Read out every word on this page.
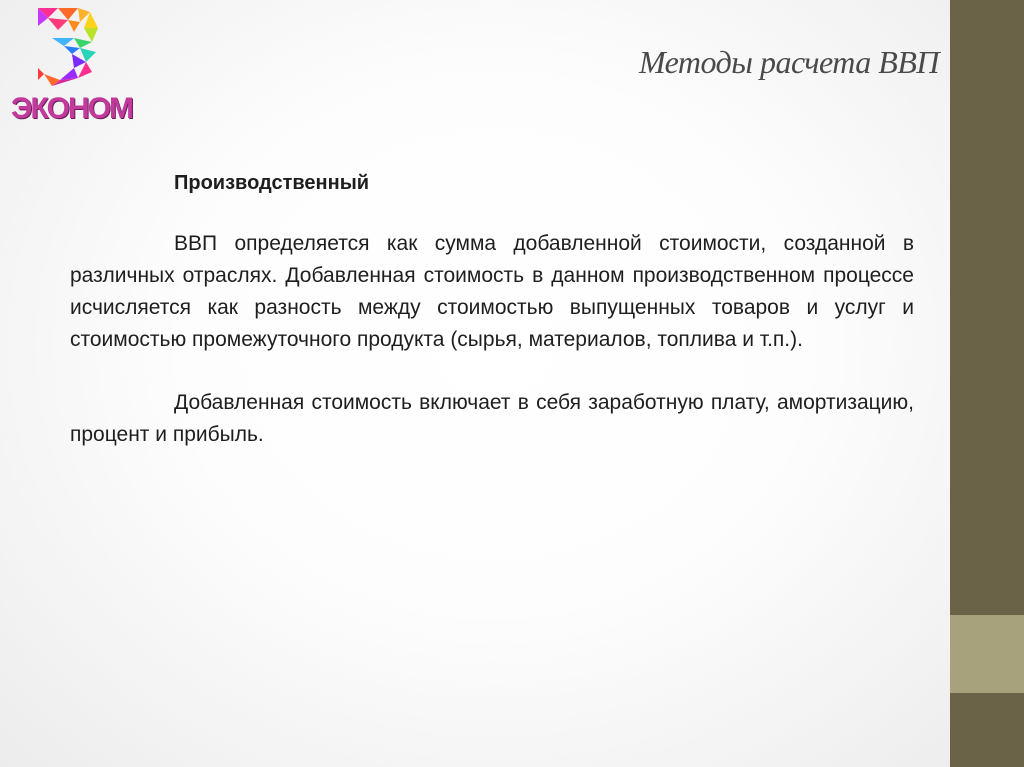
ЭКОНОМ
Методы расчета ВВП
Производственный

ВВП определяется как сумма добавленной стоимости, созданной в различных отраслях. Добавленная стоимость в данном производственном процессе исчисляется как разность между стоимостью выпущенных товаров и услуг и стоимостью промежуточного продукта (сырья, материалов, топлива и т.п.).

Добавленная стоимость включает в себя заработную плату, амортизацию, процент и прибыль.
